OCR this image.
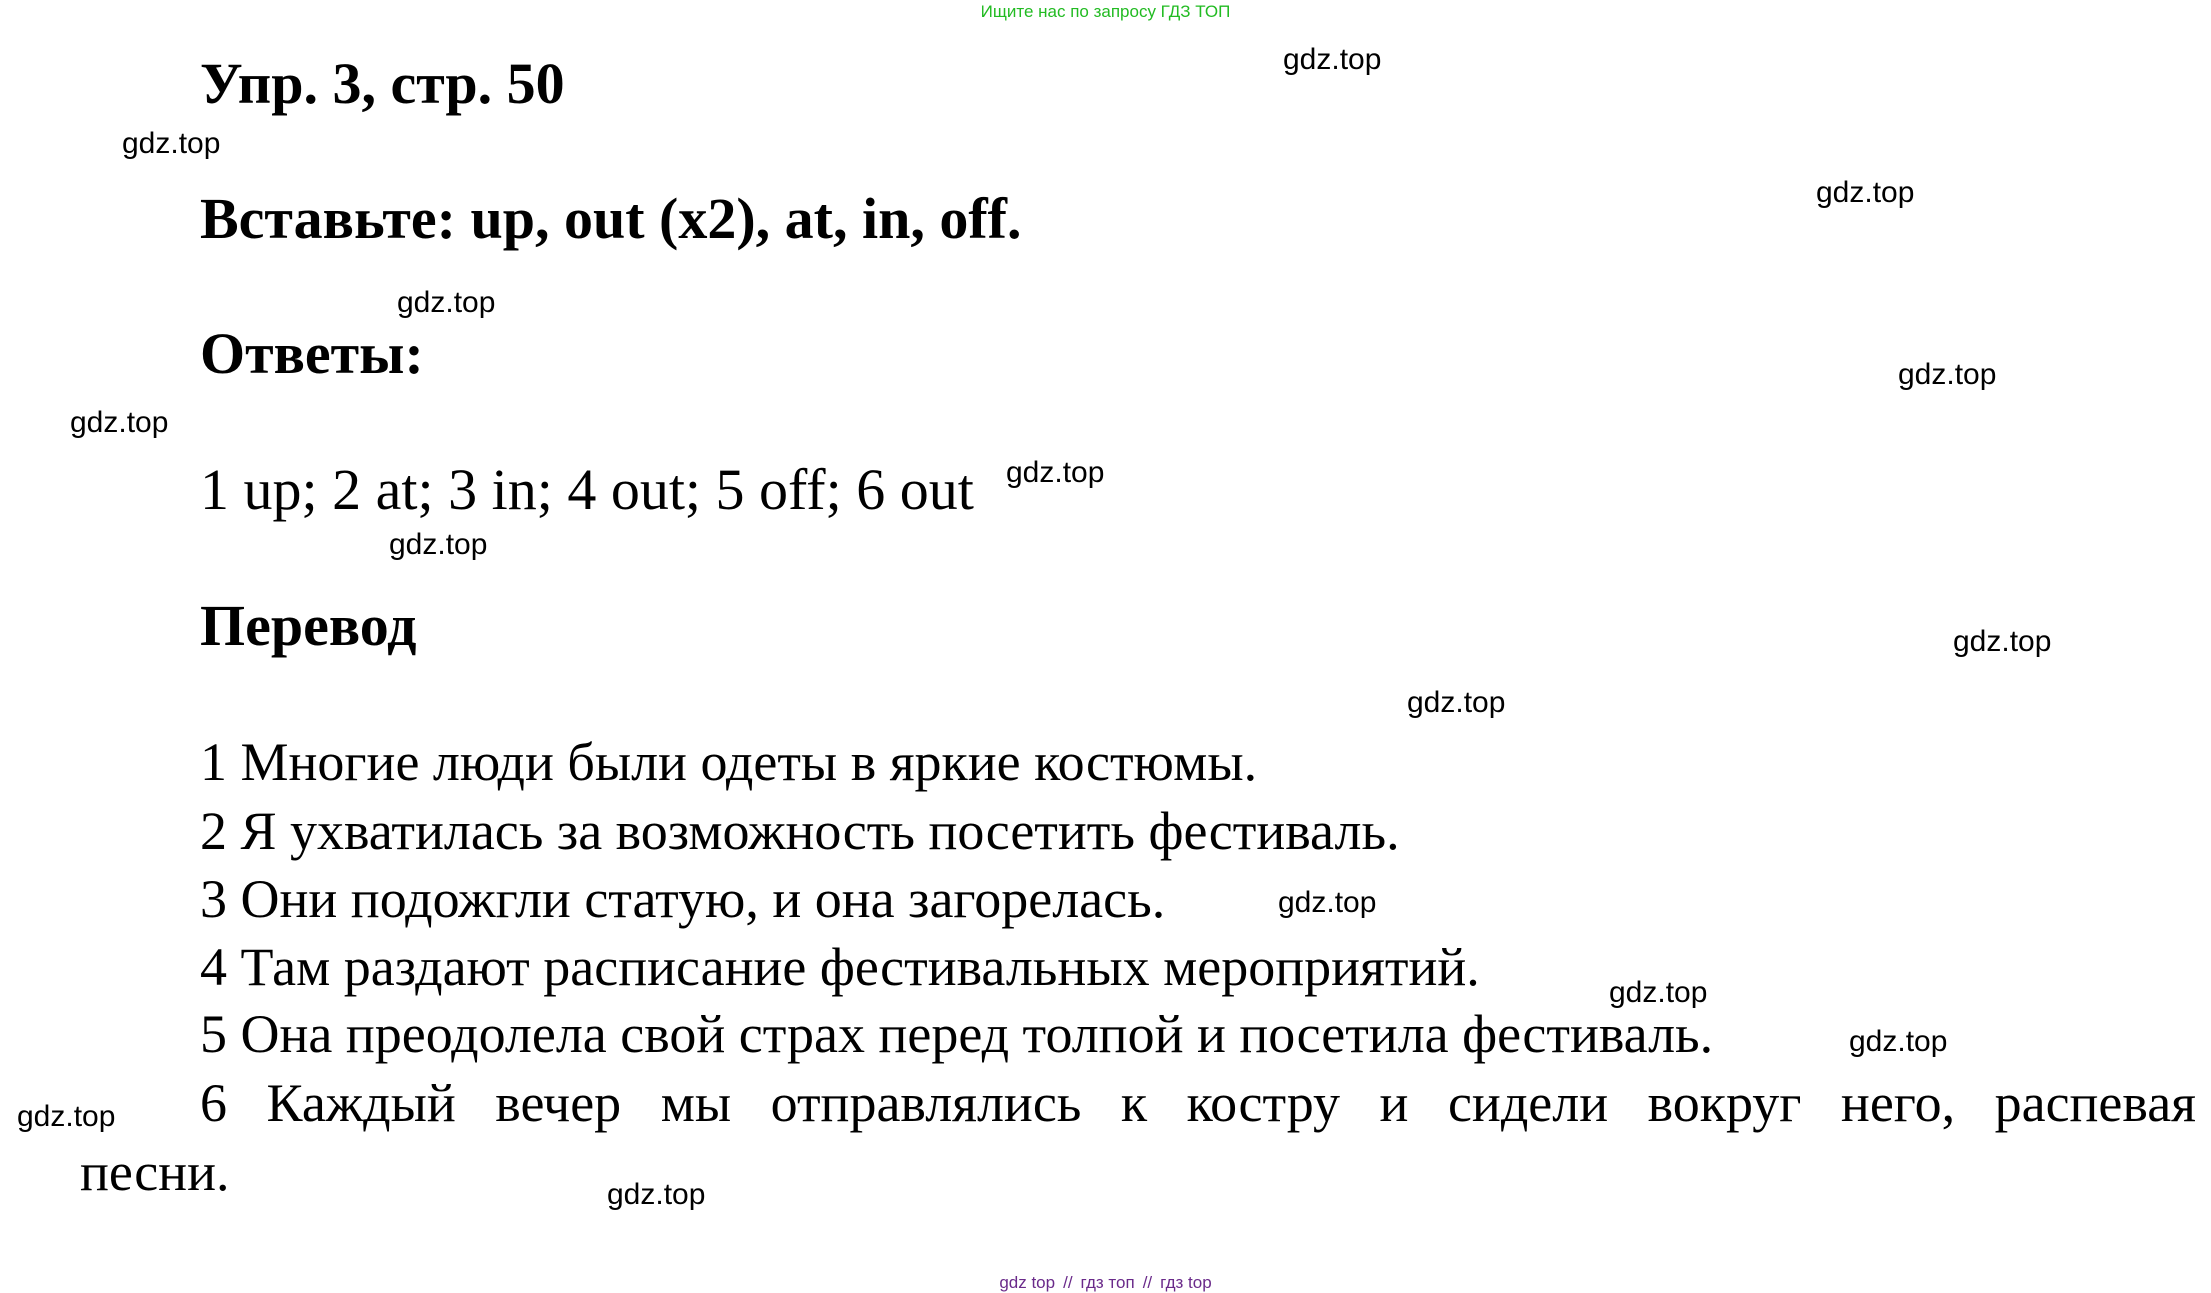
Ищите нас по запросу ГДЗ ТОП
Упр. 3, стр. 50
Вставьте: up, out (x2), at, in, off.
Ответы:
1 up; 2 at; 3 in; 4 out; 5 off; 6 out
Перевод
1 Многие люди были одеты в яркие костюмы.
2 Я ухватилась за возможность посетить фестиваль.
3 Они подожгли статую, и она загорелась.
4 Там раздают расписание фестивальных мероприятий.
5 Она преодолела свой страх перед толпой и посетила фестиваль.
6 Каждый вечер мы отправлялись к костру и сидели вокруг него, распевая
песни.
gdz.top
gdz.top
gdz.top
gdz.top
gdz.top
gdz.top
gdz.top
gdz.top
gdz.top
gdz.top
gdz.top
gdz.top
gdz.top
gdz.top
gdz.top
gdz top // гдз топ // гдз top
